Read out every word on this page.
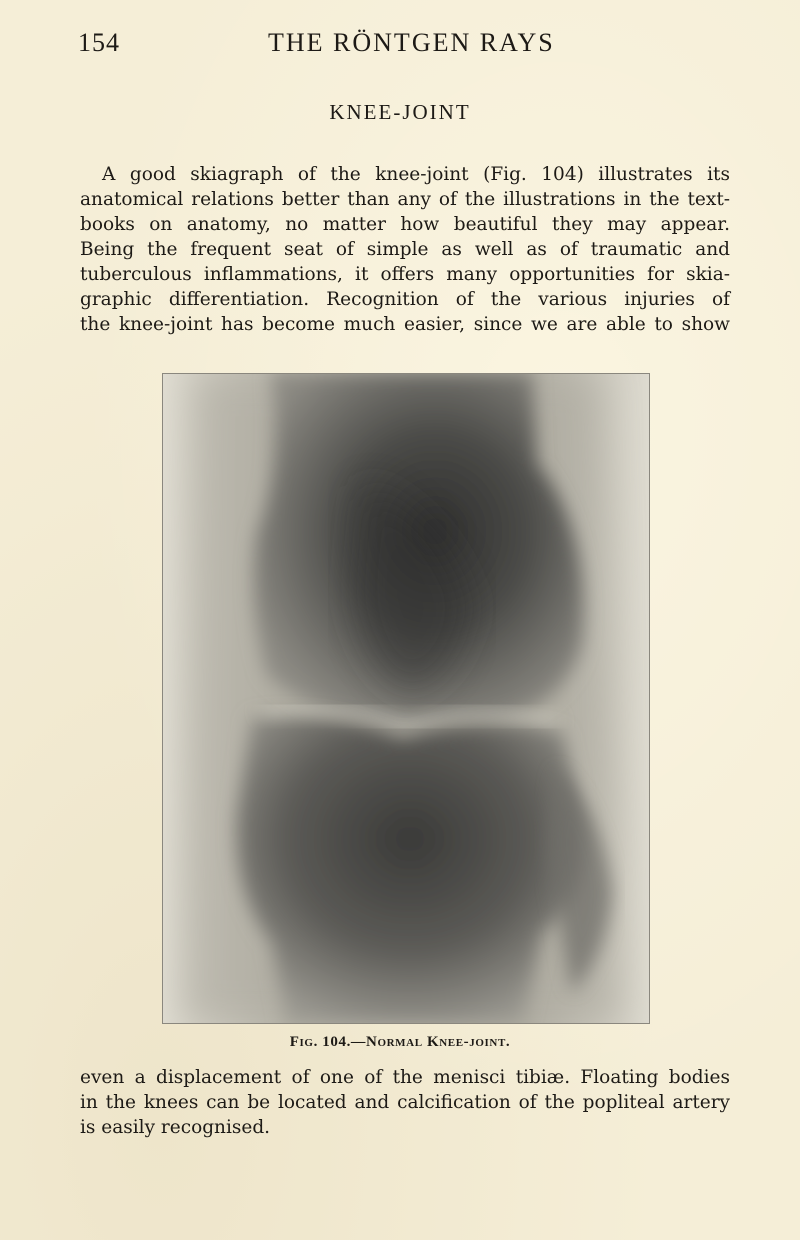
154	THE RÖNTGEN RAYS
KNEE-JOINT
A good skiagraph of the knee-joint (Fig. 104) illustrates its
anatomical relations better than any of the illustrations in the text-
books on anatomy, no matter how beautiful they may appear.
Being the frequent seat of simple as well as of traumatic and
tuberculous inflammations, it offers many opportunities for skia-
graphic differentiation. Recognition of the various injuries of
the knee-joint has become much easier, since we are able to show
Fig. 104.—Normal Knee-joint.
even a displacement of one of the menisci tibiæ. Floating bodies
in the knees can be located and calcification of the popliteal artery
is easily recognised.
